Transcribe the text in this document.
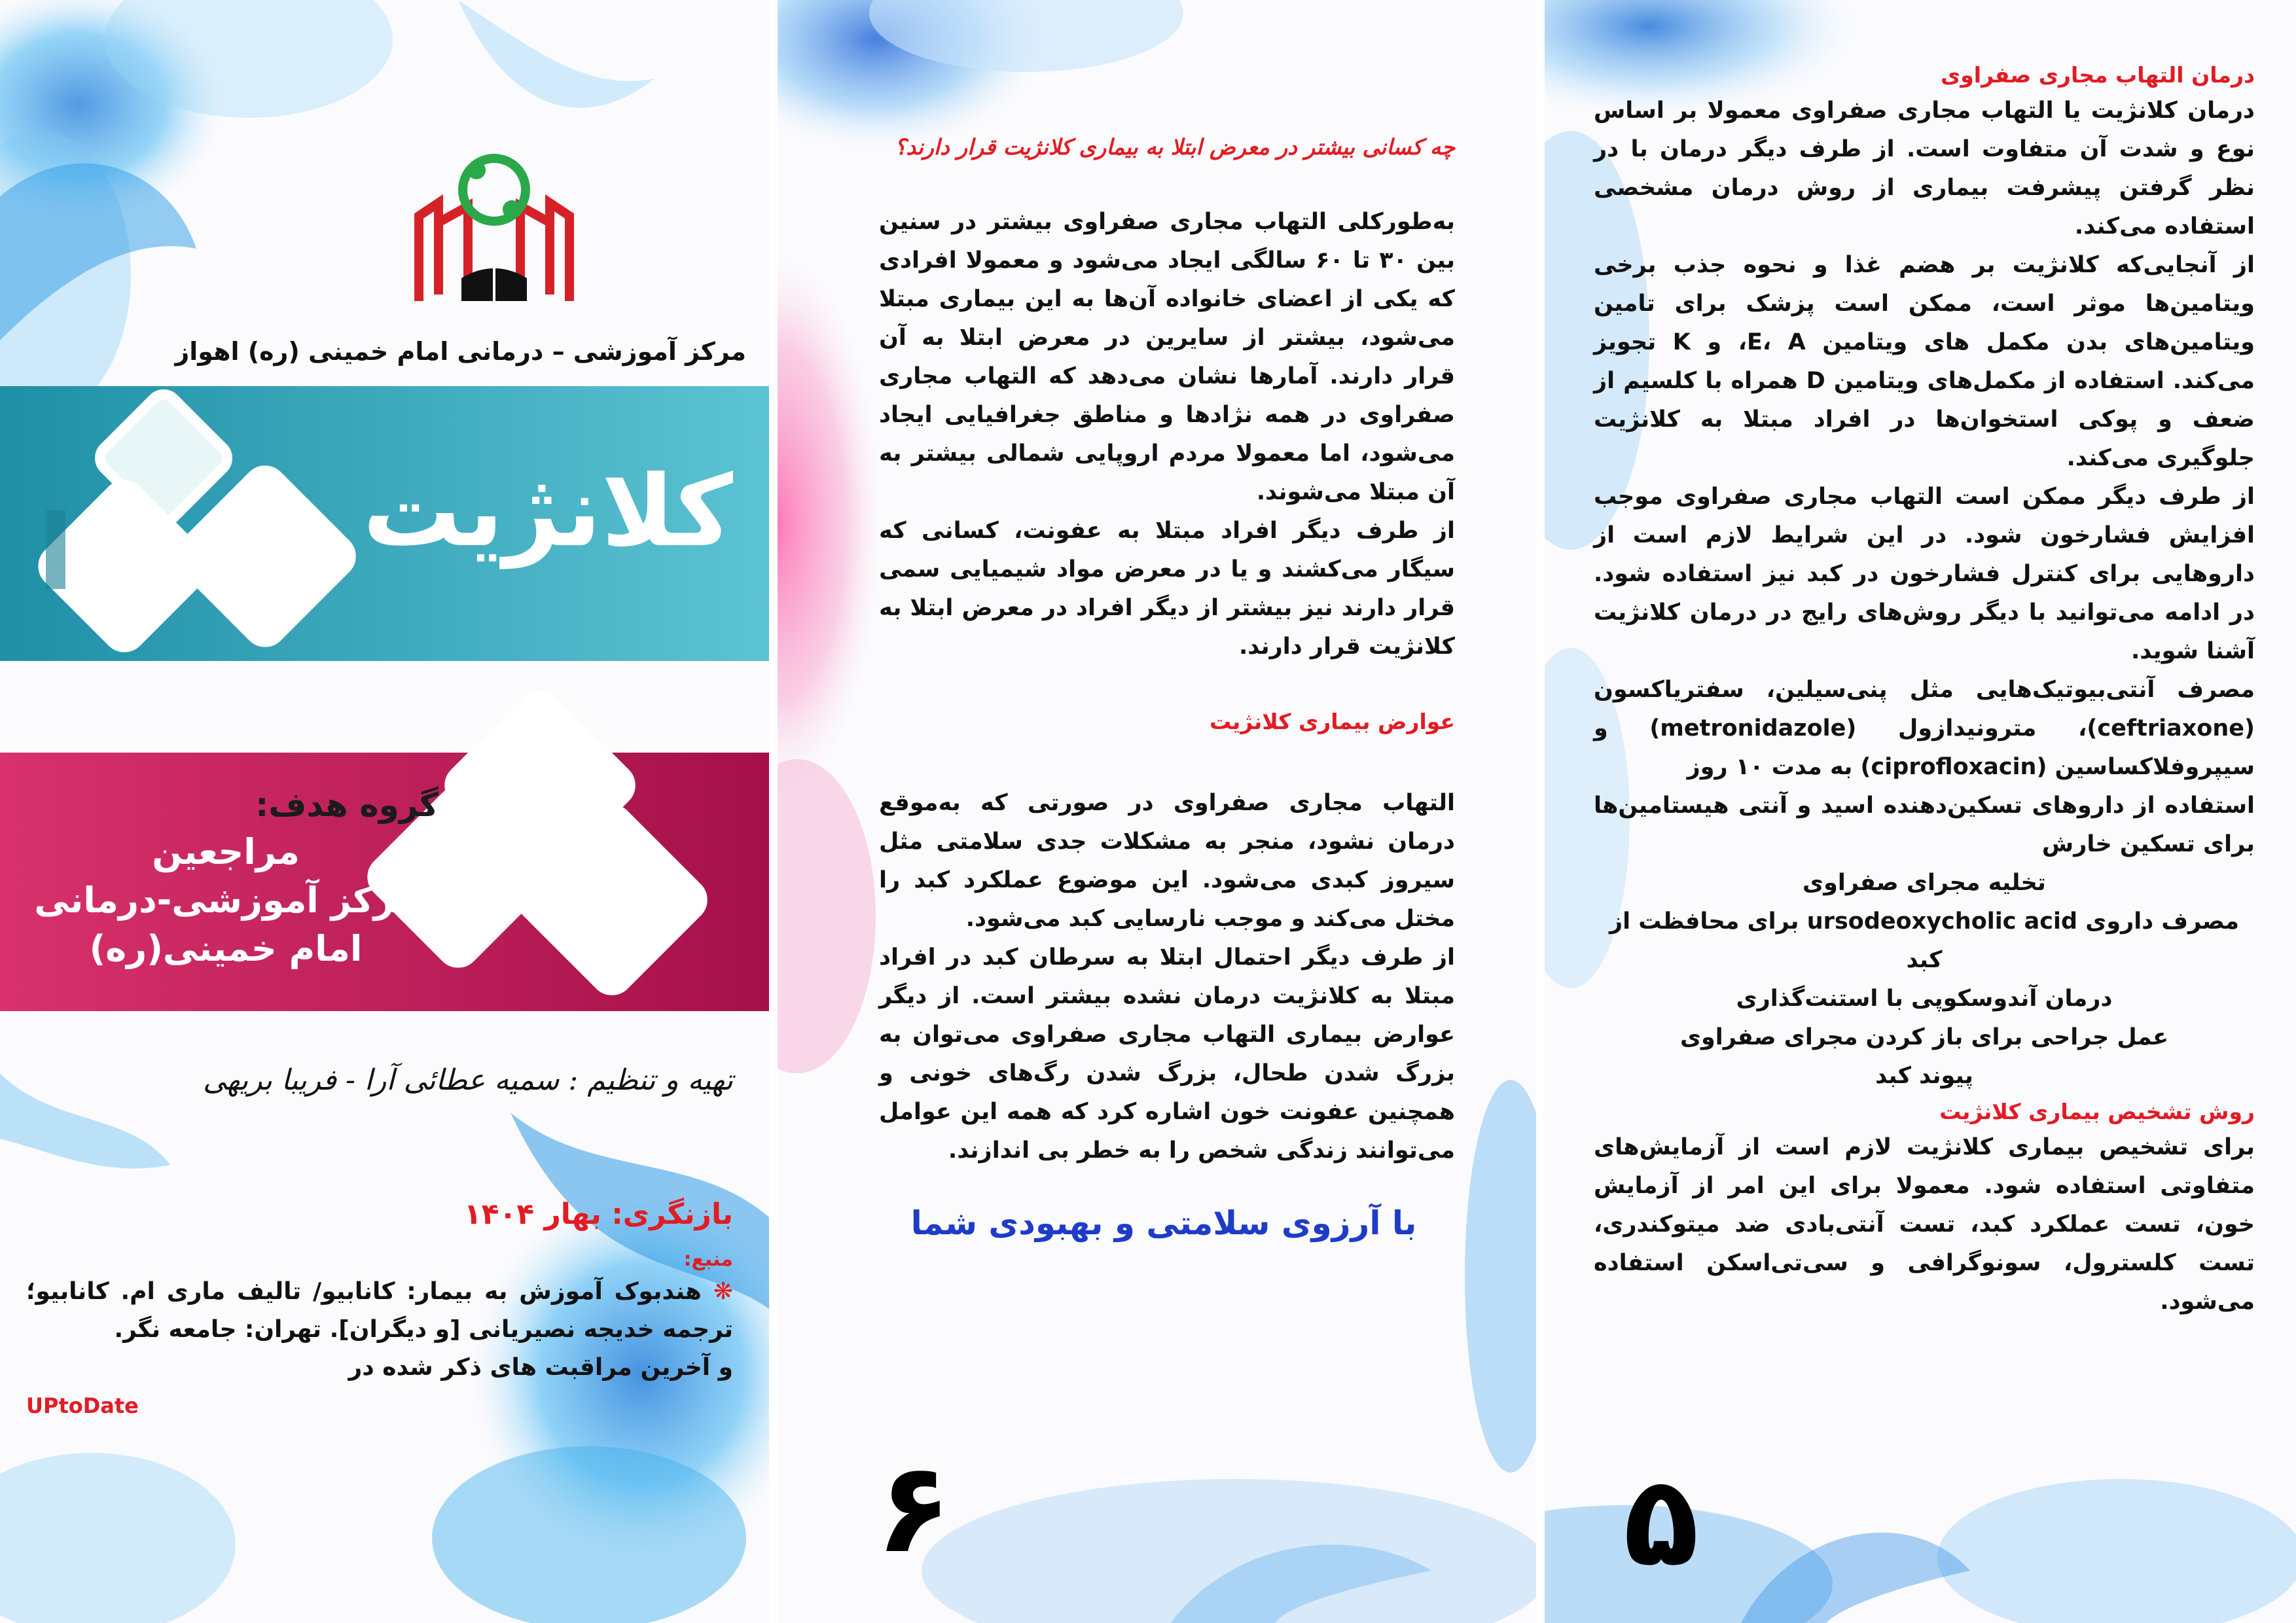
مرکز آموزشی – درمانی امام خمینی (ره) اهواز
کلانژیت
گروه هدف:
مراجعین
مرکز آموزشی-درمانی
امام خمینی(ره)
تهیه و تنظیم : سمیه عطائی آرا - فریبا بریهی
بازنگری: بهار ۱۴۰۴
منبع:
❋ هندبوک آموزش به بیمار: کانابیو/ تالیف ماری ام. کانابیو؛ ترجمه خدیجه نصیریانی [و دیگران]. تهران: جامعه نگر.
و آخرین مراقبت های ذکر شده در
UPtoDate

چه کسانی بیشتر در معرض ابتلا به بیماری کلانژیت قرار دارند؟

به‌طورکلی التهاب مجاری صفراوی بیشتر در سنین بین ۳۰ تا ۶۰ سالگی ایجاد می‌شود و معمولا افرادی که یکی از اعضای خانواده آن‌ها به این بیماری مبتلا می‌شود، بیشتر از سایرین در معرض ابتلا به آن قرار دارند. آمارها نشان می‌دهد که التهاب مجاری صفراوی در همه نژادها و مناطق جغرافیایی ایجاد می‌شود، اما معمولا مردم اروپایی شمالی بیشتر به آن مبتلا می‌شوند.

از طرف دیگر افراد مبتلا به عفونت، کسانی که سیگار می‌کشند و یا در معرض مواد شیمیایی سمی قرار دارند نیز بیشتر از دیگر افراد در معرض ابتلا به کلانژیت قرار دارند.

عوارض بیماری کلانژیت

التهاب مجاری صفراوی در صورتی که به‌موقع درمان نشود، منجر به مشکلات جدی سلامتی مثل سیروز کبدی می‌شود. این موضوع عملکرد کبد را مختل می‌کند و موجب نارسایی کبد می‌شود.

از طرف دیگر احتمال ابتلا به سرطان کبد در افراد مبتلا به کلانژیت درمان نشده بیشتر است. از دیگر عوارض بیماری التهاب مجاری صفراوی می‌توان به بزرگ شدن طحال، بزرگ شدن رگ‌های خونی و همچنین عفونت خون اشاره کرد که همه این عوامل می‌توانند زندگی شخص را به خطر بی اندازند.

با آرزوی سلامتی و بهبودی شما
۶

درمان التهاب مجاری صفراوی

درمان کلانژیت یا التهاب مجاری صفراوی معمولا بر اساس نوع و شدت آن متفاوت است. از طرف دیگر درمان با در نظر گرفتن پیشرفت بیماری از روش درمان مشخصی استفاده می‌کند.

از آنجایی‌که کلانژیت بر هضم غذا و نحوه جذب برخی ویتامین‌ها موثر است، ممکن است پزشک برای تامین ویتامین‌های بدن مکمل های ویتامین E، A، و K تجویز می‌کند. استفاده از مکمل‌های ویتامین D همراه با کلسیم از ضعف و پوکی استخوان‌ها در افراد مبتلا به کلانژیت جلوگیری می‌کند.

از طرف دیگر ممکن است التهاب مجاری صفراوی موجب افزایش فشارخون شود. در این شرایط لازم است از داروهایی برای کنترل فشارخون در کبد نیز استفاده شود. در ادامه می‌توانید با دیگر روش‌های رایج در درمان کلانژیت آشنا شوید.

مصرف آنتی‌بیوتیک‌هایی مثل پنی‌سیلین، سفتریاکسون (ceftriaxone)، مترونیدازول (metronidazole) و سیپروفلاکساسین (ciprofloxacin) به مدت ۱۰ روز

استفاده از داروهای تسکین‌دهنده اسید و آنتی هیستامین‌ها برای تسکین خارش

تخلیه مجرای صفراوی

مصرف داروی ursodeoxycholic acid برای محافظت از کبد

درمان آندوسکوپی با استنت‌گذاری

عمل جراحی برای باز کردن مجرای صفراوی

پیوند کبد

روش تشخیص بیماری کلانژیت

برای تشخیص بیماری کلانژیت لازم است از آزمایش‌های متفاوتی استفاده شود. معمولا برای این امر از آزمایش خون، تست عملکرد کبد، تست آنتی‌بادی ضد میتوکندری، تست کلسترول، سونوگرافی و سی‌تی‌اسکن استفاده می‌شود.

۵
